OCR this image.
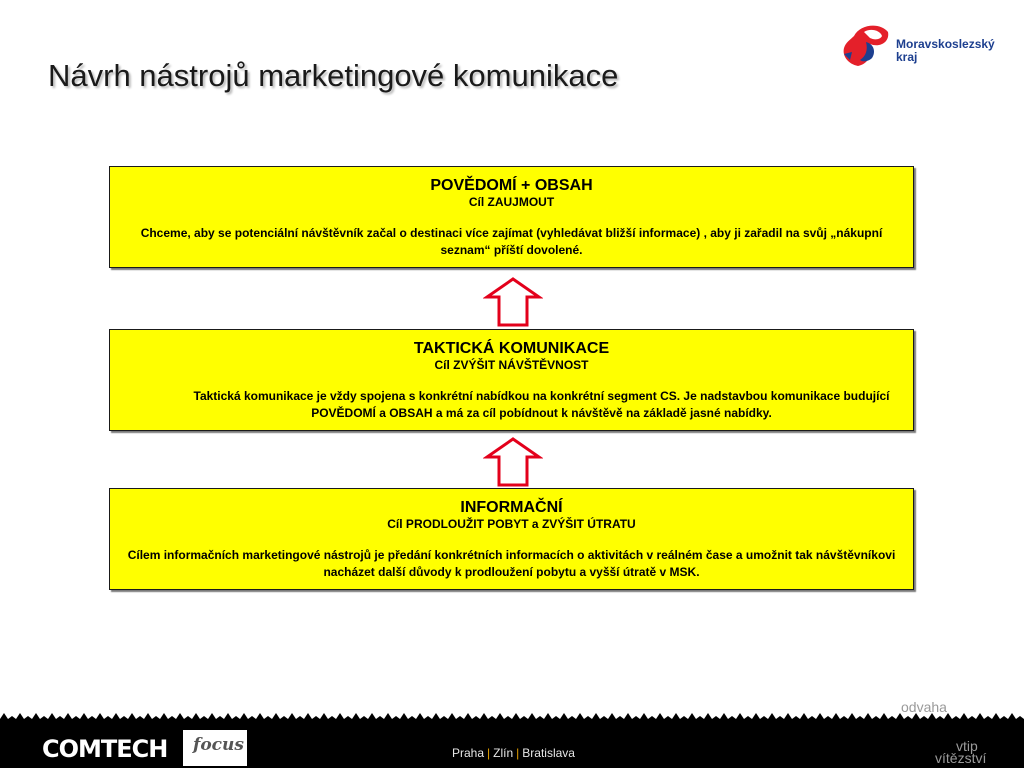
Návrh nástrojů marketingové komunikace
Moravskoslezský
kraj
POVĚDOMÍ + OBSAH
Cíl ZAUJMOUT
Chceme, aby se potenciální návštěvník začal o destinaci více zajímat (vyhledávat bližší informace) , aby ji zařadil na svůj „nákupní seznam“ příští dovolené.
TAKTICKÁ KOMUNIKACE
Cíl ZVÝŠIT NÁVŠTĚVNOST
Taktická komunikace je vždy spojena s konkrétní nabídkou na konkrétní segment CS. Je nadstavbou komunikace budující POVĚDOMÍ a OBSAH a má za cíl pobídnout k návštěvě na základě jasné nabídky.
INFORMAČNÍ
Cíl PRODLOUŽIT POBYT a ZVÝŠIT ÚTRATU
Cílem informačních marketingové nástrojů je předání konkrétních informacích o aktivitách v reálném čase a umožnit tak návštěvníkovi nacházet další důvody k prodloužení pobytu a vyšší útratě v MSK.
COMTECH focus	Praha | Zlín | Bratislava
odvaha
vtip
vítězství
